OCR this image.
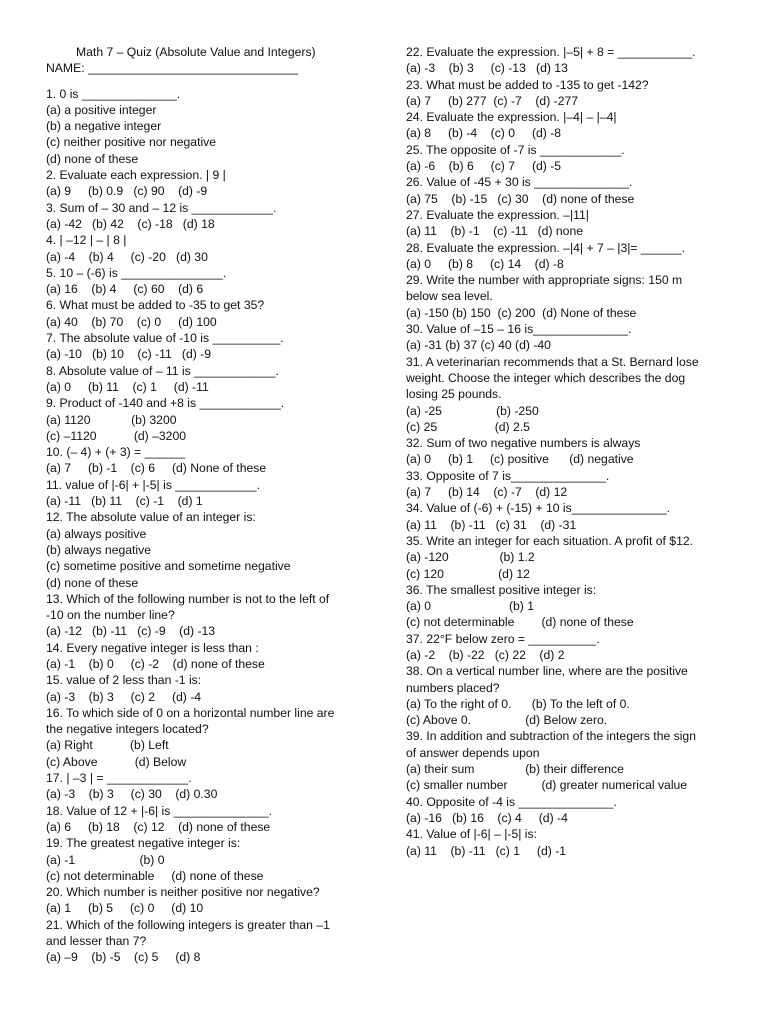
Math 7 – Quiz (Absolute Value and Integers)
NAME: _______________________________
1. 0 is ______________.
(a) a positive integer
(b) a negative integer
(c) neither positive nor negative
(d) none of these
2. Evaluate each expression. | 9 |
(a) 9     (b) 0.9   (c) 90    (d) -9
3. Sum of – 30 and – 12 is ____________.
(a) -42   (b) 42    (c) -18   (d) 18
4. | –12 | – | 8 |
(a) -4    (b) 4     (c) -20   (d) 30
5. 10 – (-6) is _______________.
(a) 16    (b) 4     (c) 60    (d) 6
6. What must be added to -35 to get 35?
(a) 40    (b) 70    (c) 0     (d) 100
7. The absolute value of -10 is __________.
(a) -10   (b) 10    (c) -11   (d) -9
8. Absolute value of – 11 is ____________.
(a) 0     (b) 11    (c) 1     (d) -11
9. Product of -140 and +8 is ____________.
(a) 1120            (b) 3200
(c) –1120           (d) –3200
10. (– 4) + (+ 3) = ______
(a) 7     (b) -1    (c) 6     (d) None of these
11. value of |-6| + |-5| is ____________.
(a) -11   (b) 11    (c) -1    (d) 1
12. The absolute value of an integer is:
(a) always positive
(b) always negative
(c) sometime positive and sometime negative
(d) none of these
13. Which of the following number is not to the left of
-10 on the number line?
(a) -12   (b) -11   (c) -9    (d) -13
14. Every negative integer is less than :
(a) -1    (b) 0     (c) -2    (d) none of these
15. value of 2 less than -1 is:
(a) -3    (b) 3     (c) 2     (d) -4
16. To which side of 0 on a horizontal number line are
the negative integers located?
(a) Right           (b) Left
(c) Above           (d) Below
17. | –3 | = ____________.
(a) -3    (b) 3     (c) 30    (d) 0.30
18. Value of 12 + |-6| is ______________.
(a) 6     (b) 18    (c) 12    (d) none of these
19. The greatest negative integer is:
(a) -1                   (b) 0
(c) not determinable     (d) none of these
20. Which number is neither positive nor negative?
(a) 1     (b) 5     (c) 0     (d) 10
21. Which of the following integers is greater than –1
and lesser than 7?
(a) –9    (b) -5    (c) 5     (d) 8
22. Evaluate the expression. |–5| + 8 = ___________.
(a) -3    (b) 3     (c) -13   (d) 13
23. What must be added to -135 to get -142?
(a) 7     (b) 277  (c) -7    (d) -277
24. Evaluate the expression. |–4| – |–4|
(a) 8     (b) -4    (c) 0     (d) -8
25. The opposite of -7 is ____________.
(a) -6    (b) 6     (c) 7     (d) -5
26. Value of -45 + 30 is ______________.
(a) 75    (b) -15   (c) 30    (d) none of these
27. Evaluate the expression. –|11|
(a) 11    (b) -1    (c) -11   (d) none
28. Evaluate the expression. –|4| + 7 – |3|= ______.
(a) 0     (b) 8     (c) 14    (d) -8
29. Write the number with appropriate signs: 150 m
below sea level.
(a) -150 (b) 150  (c) 200  (d) None of these
30. Value of –15 – 16 is______________.
(a) -31 (b) 37 (c) 40 (d) -40
31. A veterinarian recommends that a St. Bernard lose
weight. Choose the integer which describes the dog
losing 25 pounds.
(a) -25                (b) -250
(c) 25                 (d) 2.5
32. Sum of two negative numbers is always
(a) 0     (b) 1     (c) positive      (d) negative
33. Opposite of 7 is______________.
(a) 7     (b) 14    (c) -7    (d) 12
34. Value of (-6) + (-15) + 10 is______________.
(a) 11    (b) -11   (c) 31    (d) -31
35. Write an integer for each situation. A profit of $12.
(a) -120               (b) 1.2
(c) 120                (d) 12
36. The smallest positive integer is:
(a) 0                       (b) 1
(c) not determinable        (d) none of these
37. 22°F below zero = __________.
(a) -2    (b) -22   (c) 22    (d) 2
38. On a vertical number line, where are the positive
numbers placed?
(a) To the right of 0.      (b) To the left of 0.
(c) Above 0.                (d) Below zero.
39. In addition and subtraction of the integers the sign
of answer depends upon
(a) their sum               (b) their difference
(c) smaller number          (d) greater numerical value
40. Opposite of -4 is ______________.
(a) -16   (b) 16    (c) 4     (d) -4
41. Value of |-6| – |-5| is:
(a) 11    (b) -11   (c) 1     (d) -1
